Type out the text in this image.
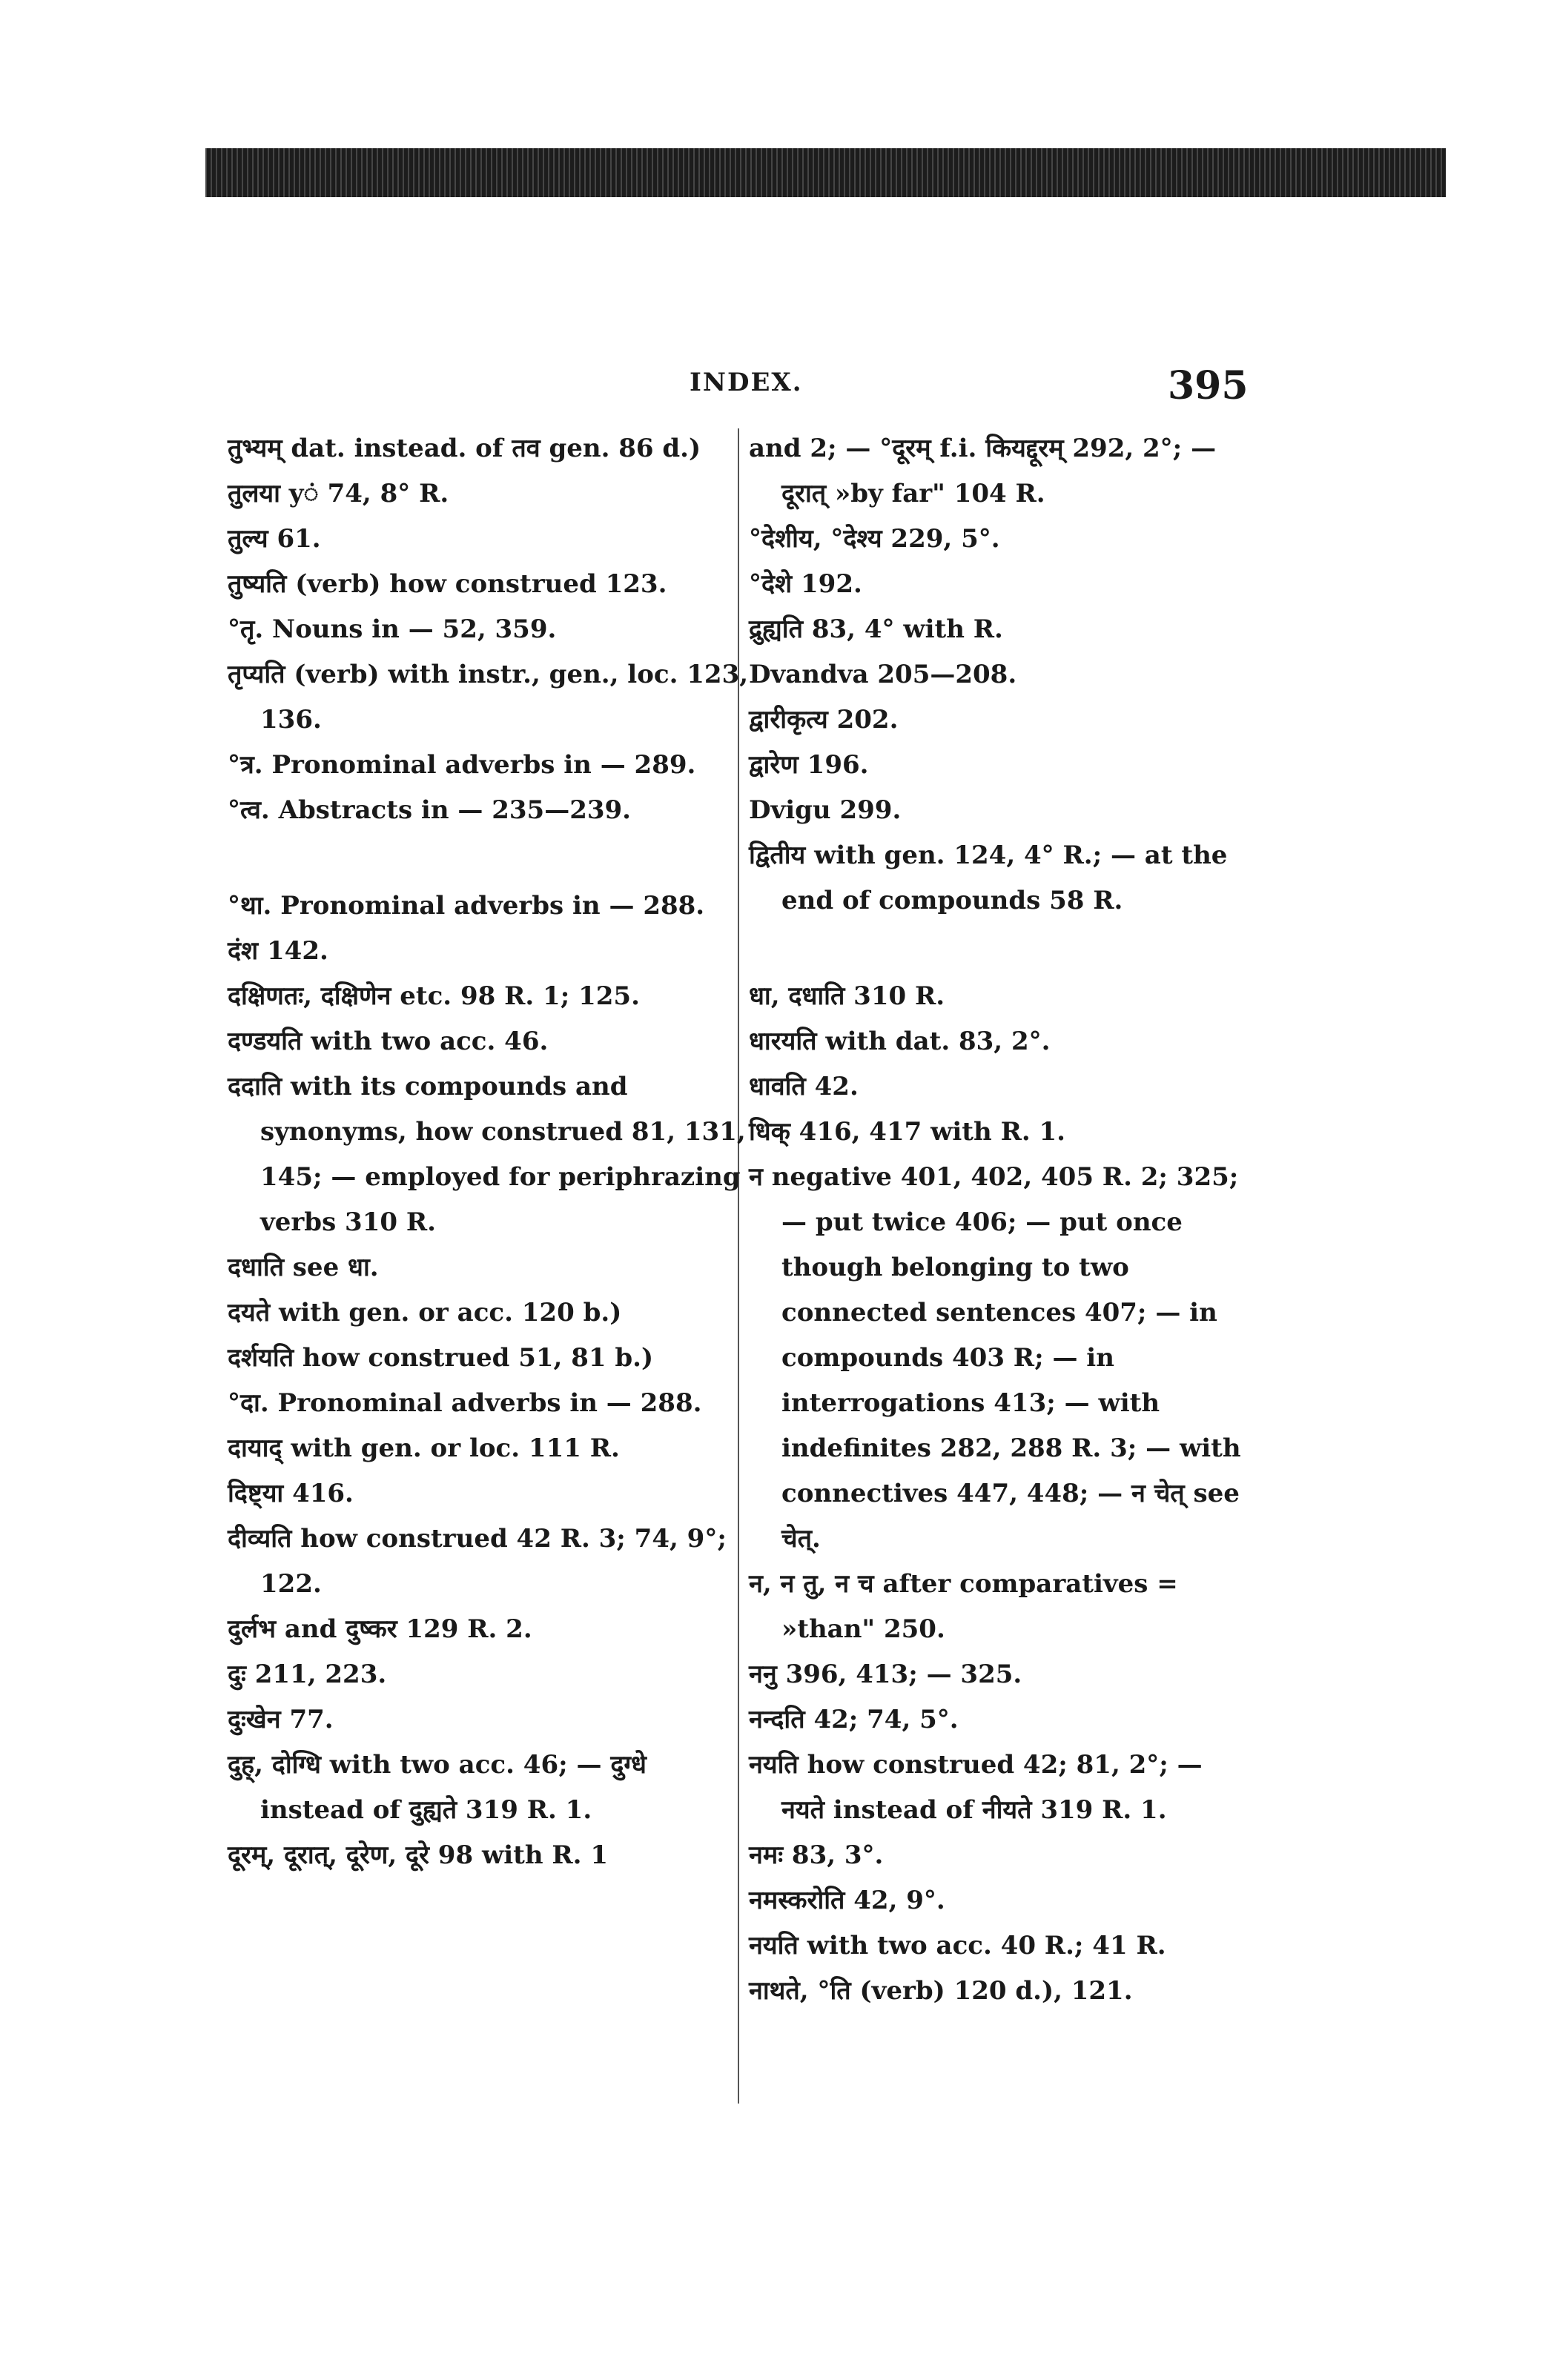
INDEX.	395
तुभ्यम् dat. instead. of तव gen. 86 d.)
तुलया yं 74, 8° R.
तुल्य 61.
तुष्यति (verb) how construed 123.
°तृ. Nouns in — 52, 359.
तृप्यति (verb) with instr., gen., loc. 123, 136.
°त्र. Pronominal adverbs in — 289.
°त्व. Abstracts in — 235—239.
°था. Pronominal adverbs in — 288.
दंश 142.
दक्षिणतः, दक्षिणेन etc. 98 R. 1; 125.
दण्डयति with two acc. 46.
ददाति with its compounds and synonyms, how construed 81, 131, 145; — employed for periphrazing verbs 310 R.
दधाति see धा.
दयते with gen. or acc. 120 b.)
दर्शयति how construed 51, 81 b.)
°दा. Pronominal adverbs in — 288.
दायाद् with gen. or loc. 111 R.
दिष्ट्या 416.
दीव्यति how construed 42 R. 3; 74, 9°; 122.
दुर्लभ and दुष्कर 129 R. 2.
दुः 211, 223.
दुःखेन 77.
दुह्, दोग्धि with two acc. 46; — दुग्धे instead of दुह्यते 319 R. 1.
दूरम्, दूरात्, दूरेण, दूरे 98 with R. 1
and 2; — °दूरम् f.i. कियद्दूरम् 292, 2°; — दूरात् »by far" 104 R.
°देशीय, °देश्य 229, 5°.
°देशे 192.
द्रुह्यति 83, 4° with R.
Dvandva 205—208.
द्वारीकृत्य 202.
द्वारेण 196.
Dvigu 299.
द्वितीय with gen. 124, 4° R.; — at the end of compounds 58 R.
धा, दधाति 310 R.
धारयति with dat. 83, 2°.
धावति 42.
धिक् 416, 417 with R. 1.
न negative 401, 402, 405 R. 2; 325; — put twice 406; — put once though belonging to two connected sentences 407; — in compounds 403 R; — in interrogations 413; — with indefinites 282, 288 R. 3; — with connectives 447, 448; — न चेत् see चेत्.
न, न तु, न च after comparatives = »than" 250.
ननु 396, 413; — 325.
नन्दति 42; 74, 5°.
नयति how construed 42; 81, 2°; — नयते instead of नीयते 319 R. 1.
नमः 83, 3°.
नमस्करोति 42, 9°.
नयति with two acc. 40 R.; 41 R.
नाथते, °ति (verb) 120 d.), 121.
